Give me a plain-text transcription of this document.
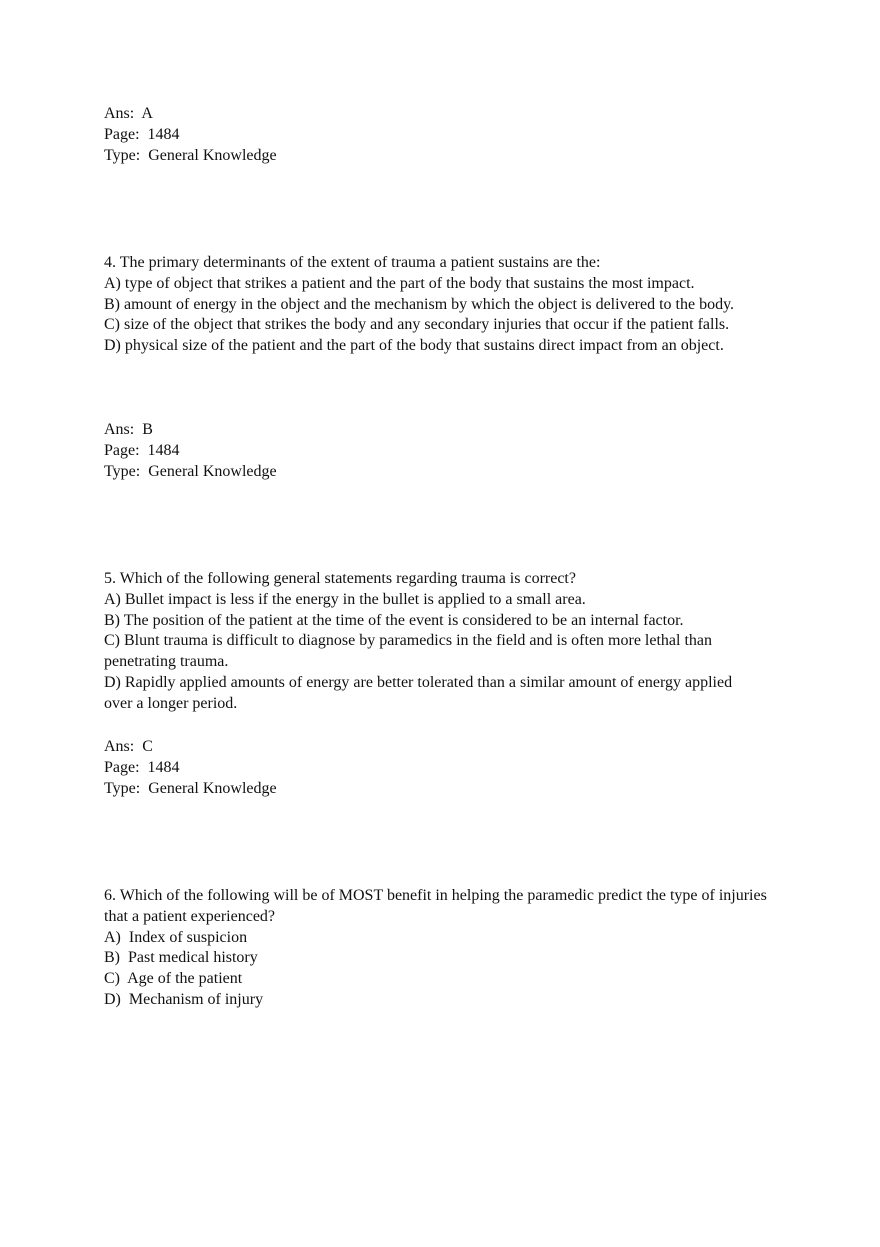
Ans:  A
Page:  1484
Type:  General Knowledge
4. The primary determinants of the extent of trauma a patient sustains are the:
A) type of object that strikes a patient and the part of the body that sustains the most impact.
B) amount of energy in the object and the mechanism by which the object is delivered to the body.
C) size of the object that strikes the body and any secondary injuries that occur if the patient falls.
D) physical size of the patient and the part of the body that sustains direct impact from an object.
Ans:  B
Page:  1484
Type:  General Knowledge
5. Which of the following general statements regarding trauma is correct?
A) Bullet impact is less if the energy in the bullet is applied to a small area.
B) The position of the patient at the time of the event is considered to be an internal factor.
C) Blunt trauma is difficult to diagnose by paramedics in the field and is often more lethal than penetrating trauma.
D) Rapidly applied amounts of energy are better tolerated than a similar amount of energy applied over a longer period.
Ans:  C
Page:  1484
Type:  General Knowledge
6. Which of the following will be of MOST benefit in helping the paramedic predict the type of injuries that a patient experienced?
A)  Index of suspicion
B)  Past medical history
C)  Age of the patient
D)  Mechanism of injury
